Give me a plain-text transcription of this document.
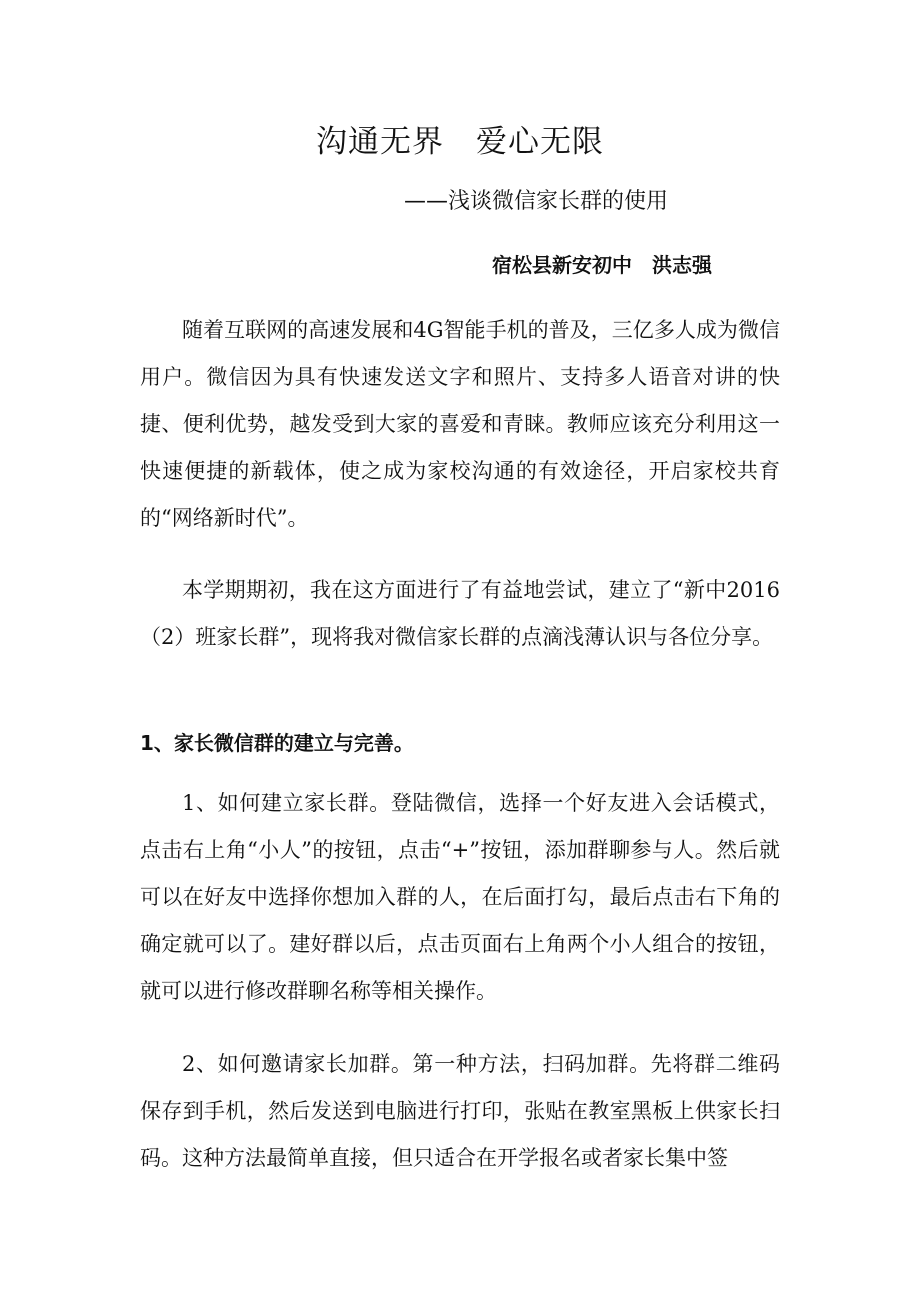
沟通无界　爱心无限
——浅谈微信家长群的使用
宿松县新安初中　洪志强

随着互联网的高速发展和4G智能手机的普及，三亿多人成为微信用户。微信因为具有快速发送文字和照片、支持多人语音对讲的快捷、便利优势，越发受到大家的喜爱和青睐。教师应该充分利用这一快速便捷的新载体，使之成为家校沟通的有效途径，开启家校共育的“网络新时代”。

本学期期初，我在这方面进行了有益地尝试，建立了“新中2016（2）班家长群”，现将我对微信家长群的点滴浅薄认识与各位分享。

1、家长微信群的建立与完善。

1、如何建立家长群。登陆微信，选择一个好友进入会话模式，点击右上角“小人”的按钮，点击“+”按钮，添加群聊参与人。然后就可以在好友中选择你想加入群的人，在后面打勾，最后点击右下角的确定就可以了。建好群以后，点击页面右上角两个小人组合的按钮，就可以进行修改群聊名称等相关操作。

2、如何邀请家长加群。第一种方法，扫码加群。先将群二维码保存到手机，然后发送到电脑进行打印，张贴在教室黑板上供家长扫码。这种方法最简单直接，但只适合在开学报名或者家长集中签
